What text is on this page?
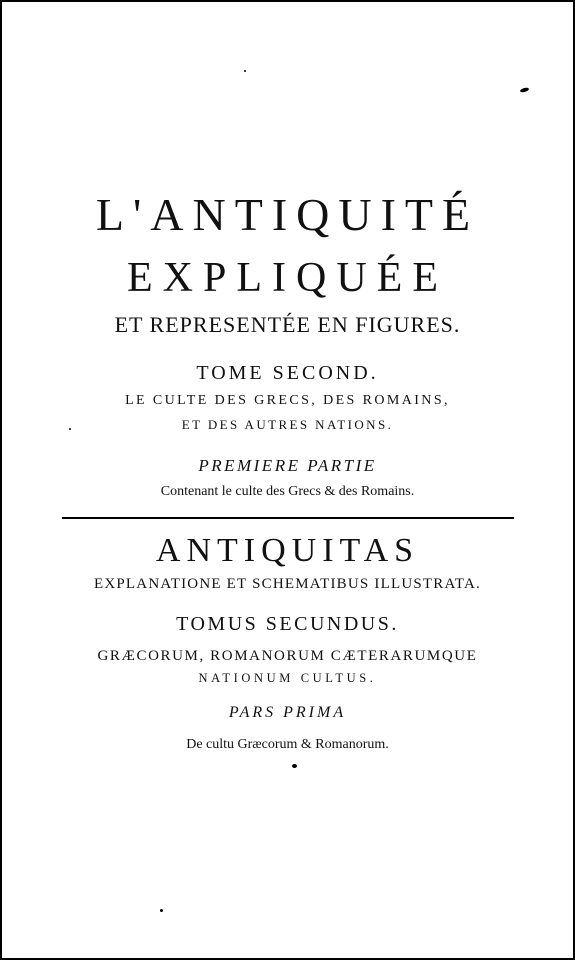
L'ANTIQUITÉ
EXPLIQUÉE
ET REPRESENTÉE EN FIGURES.
TOME SECOND.
LE CULTE DES GRECS, DES ROMAINS,
ET DES AUTRES NATIONS.
PREMIERE PARTIE
Contenant le culte des Grecs & des Romains.
ANTIQUITAS
EXPLANATIONE ET SCHEMATIBUS ILLUSTRATA.
TOMUS SECUNDUS.
GRÆCORUM, ROMANORUM CÆTERARUMQUE
NATIONUM CULTUS.
PARS PRIMA
De cultu Græcorum & Romanorum.
